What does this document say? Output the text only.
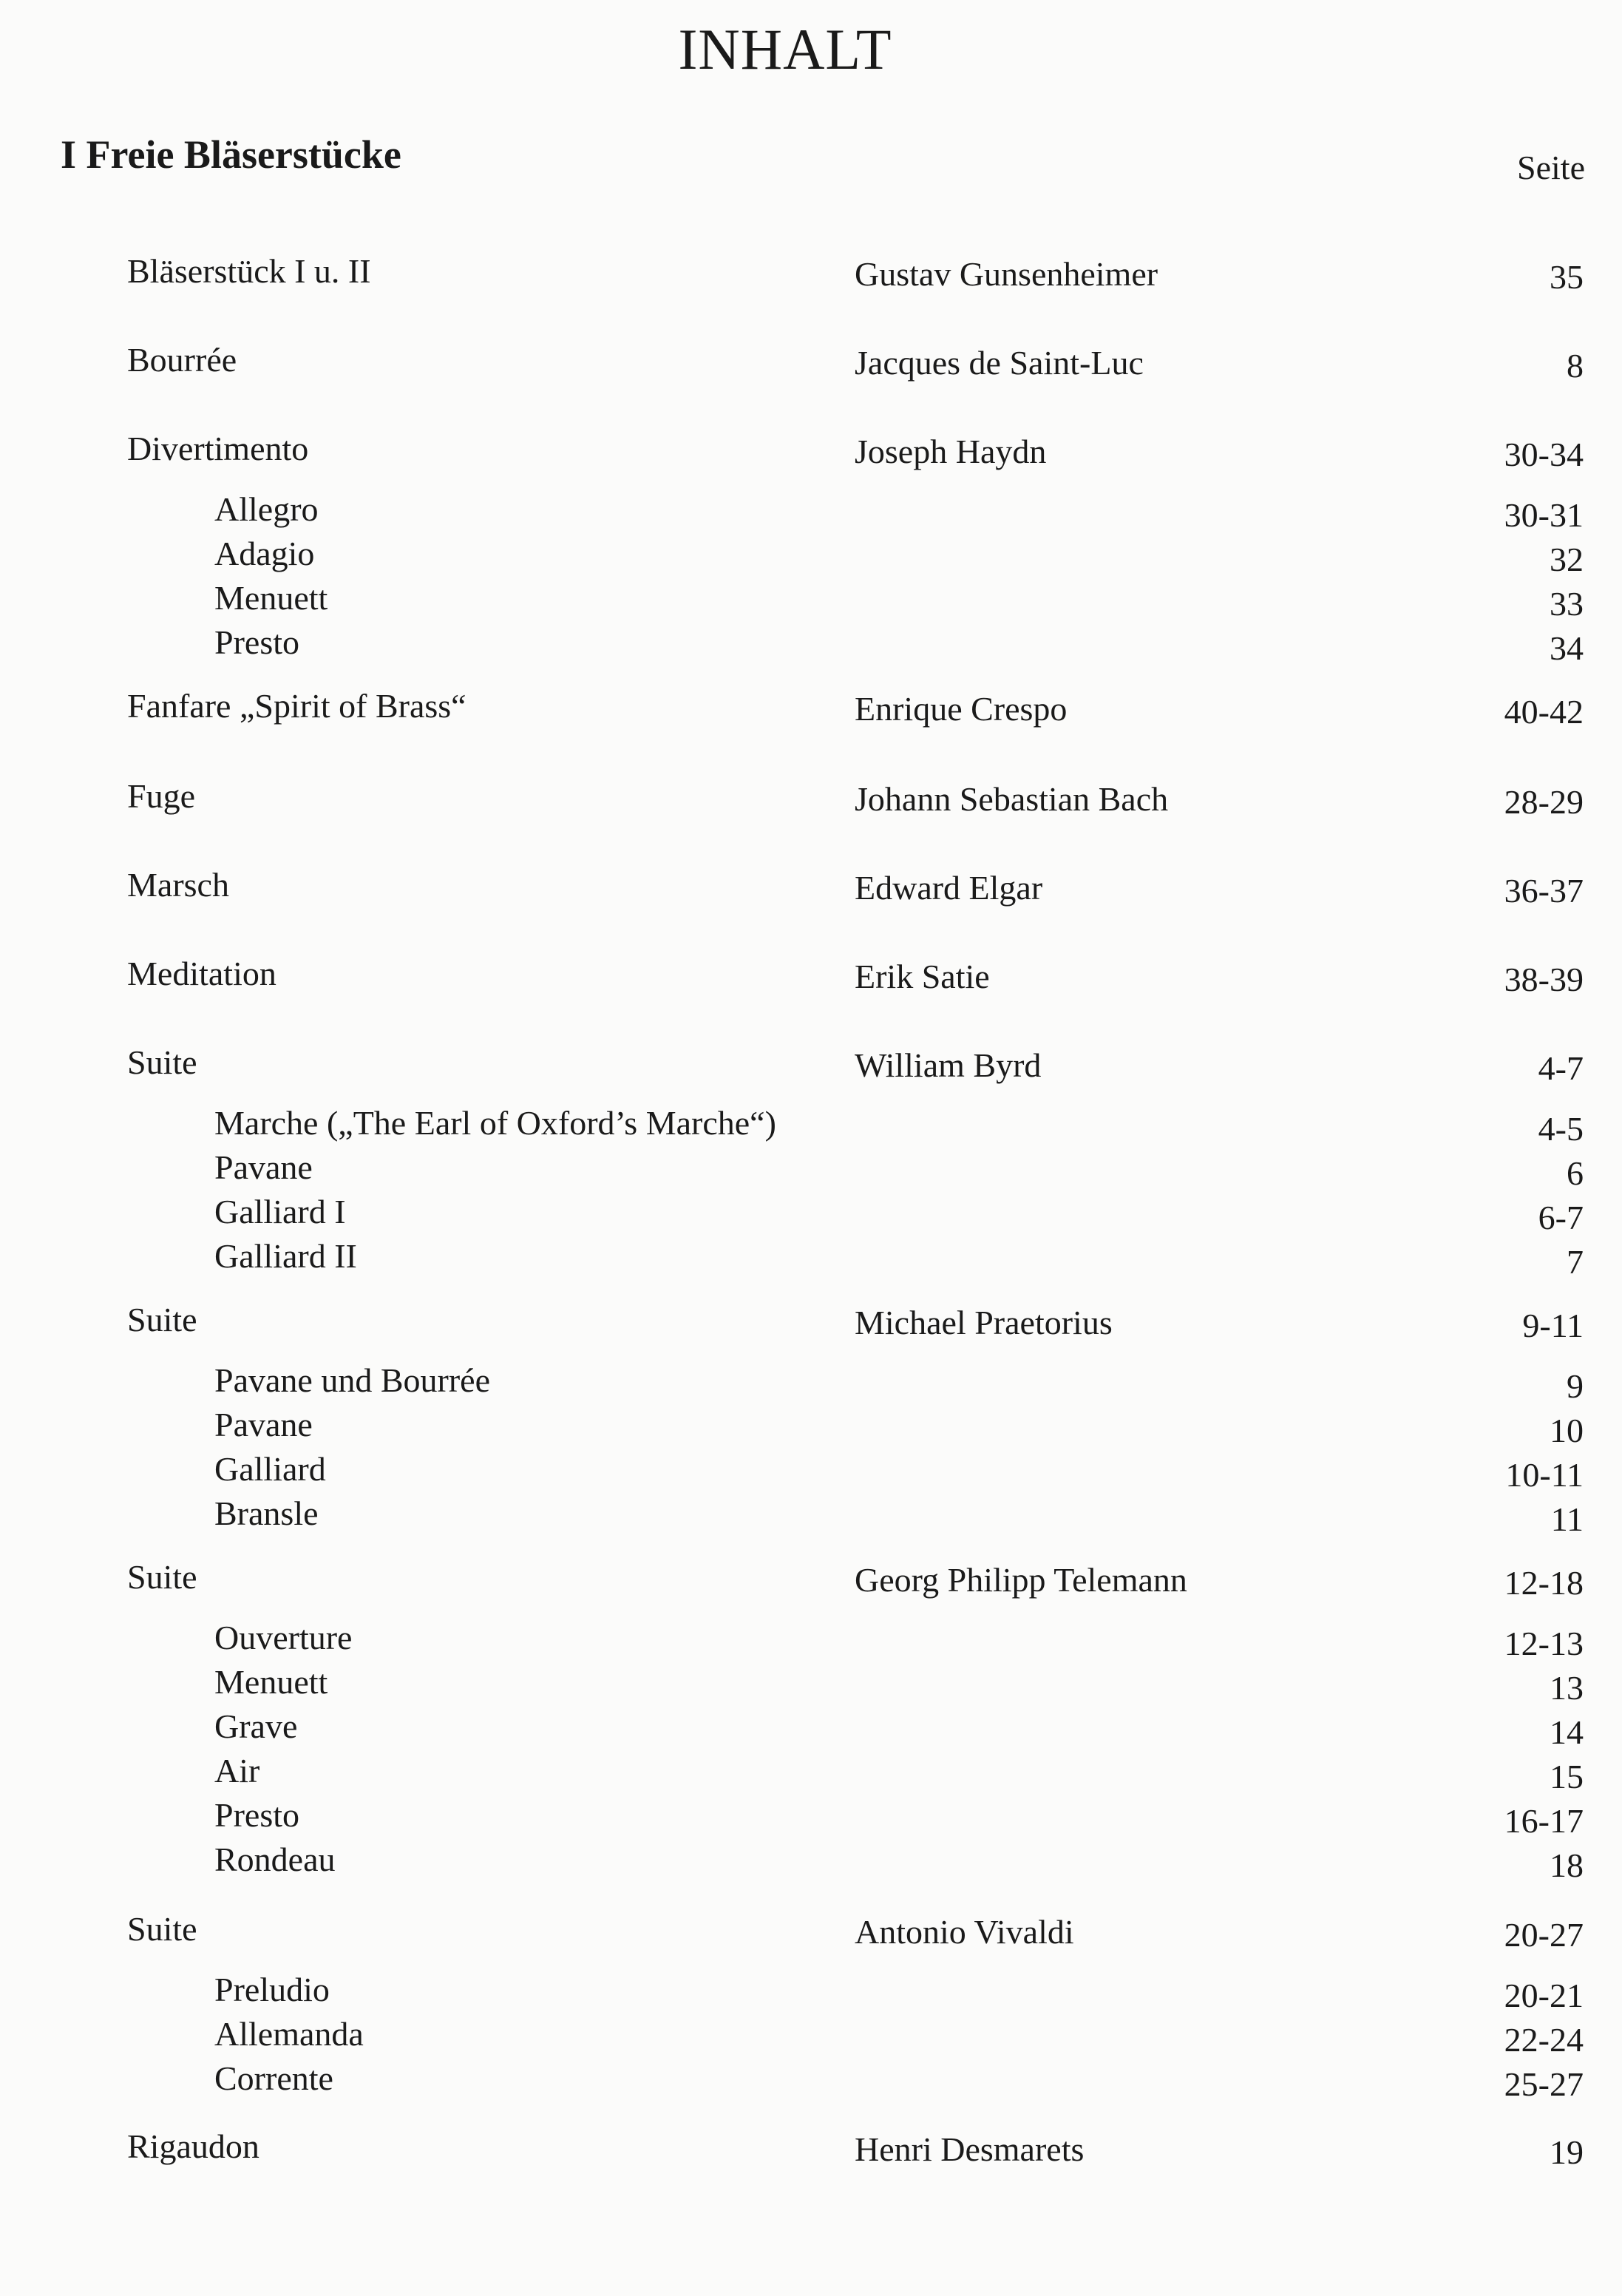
INHALT
I Freie Bläserstücke	Seite
Bläserstück I u. II	Gustav Gunsenheimer	35
Bourrée	Jacques de Saint-Luc	8
Divertimento	Joseph Haydn	30-34
Allegro	30-31
Adagio	32
Menuett	33
Presto	34
Fanfare „Spirit of Brass“	Enrique Crespo	40-42
Fuge	Johann Sebastian Bach	28-29
Marsch	Edward Elgar	36-37
Meditation	Erik Satie	38-39
Suite	William Byrd	4-7
Marche („The Earl of Oxford’s Marche“)	4-5
Pavane	6
Galliard I	6-7
Galliard II	7
Suite	Michael Praetorius	9-11
Pavane und Bourrée	9
Pavane	10
Galliard	10-11
Bransle	11
Suite	Georg Philipp Telemann	12-18
Ouverture	12-13
Menuett	13
Grave	14
Air	15
Presto	16-17
Rondeau	18
Suite	Antonio Vivaldi	20-27
Preludio	20-21
Allemanda	22-24
Corrente	25-27
Rigaudon	Henri Desmarets	19
